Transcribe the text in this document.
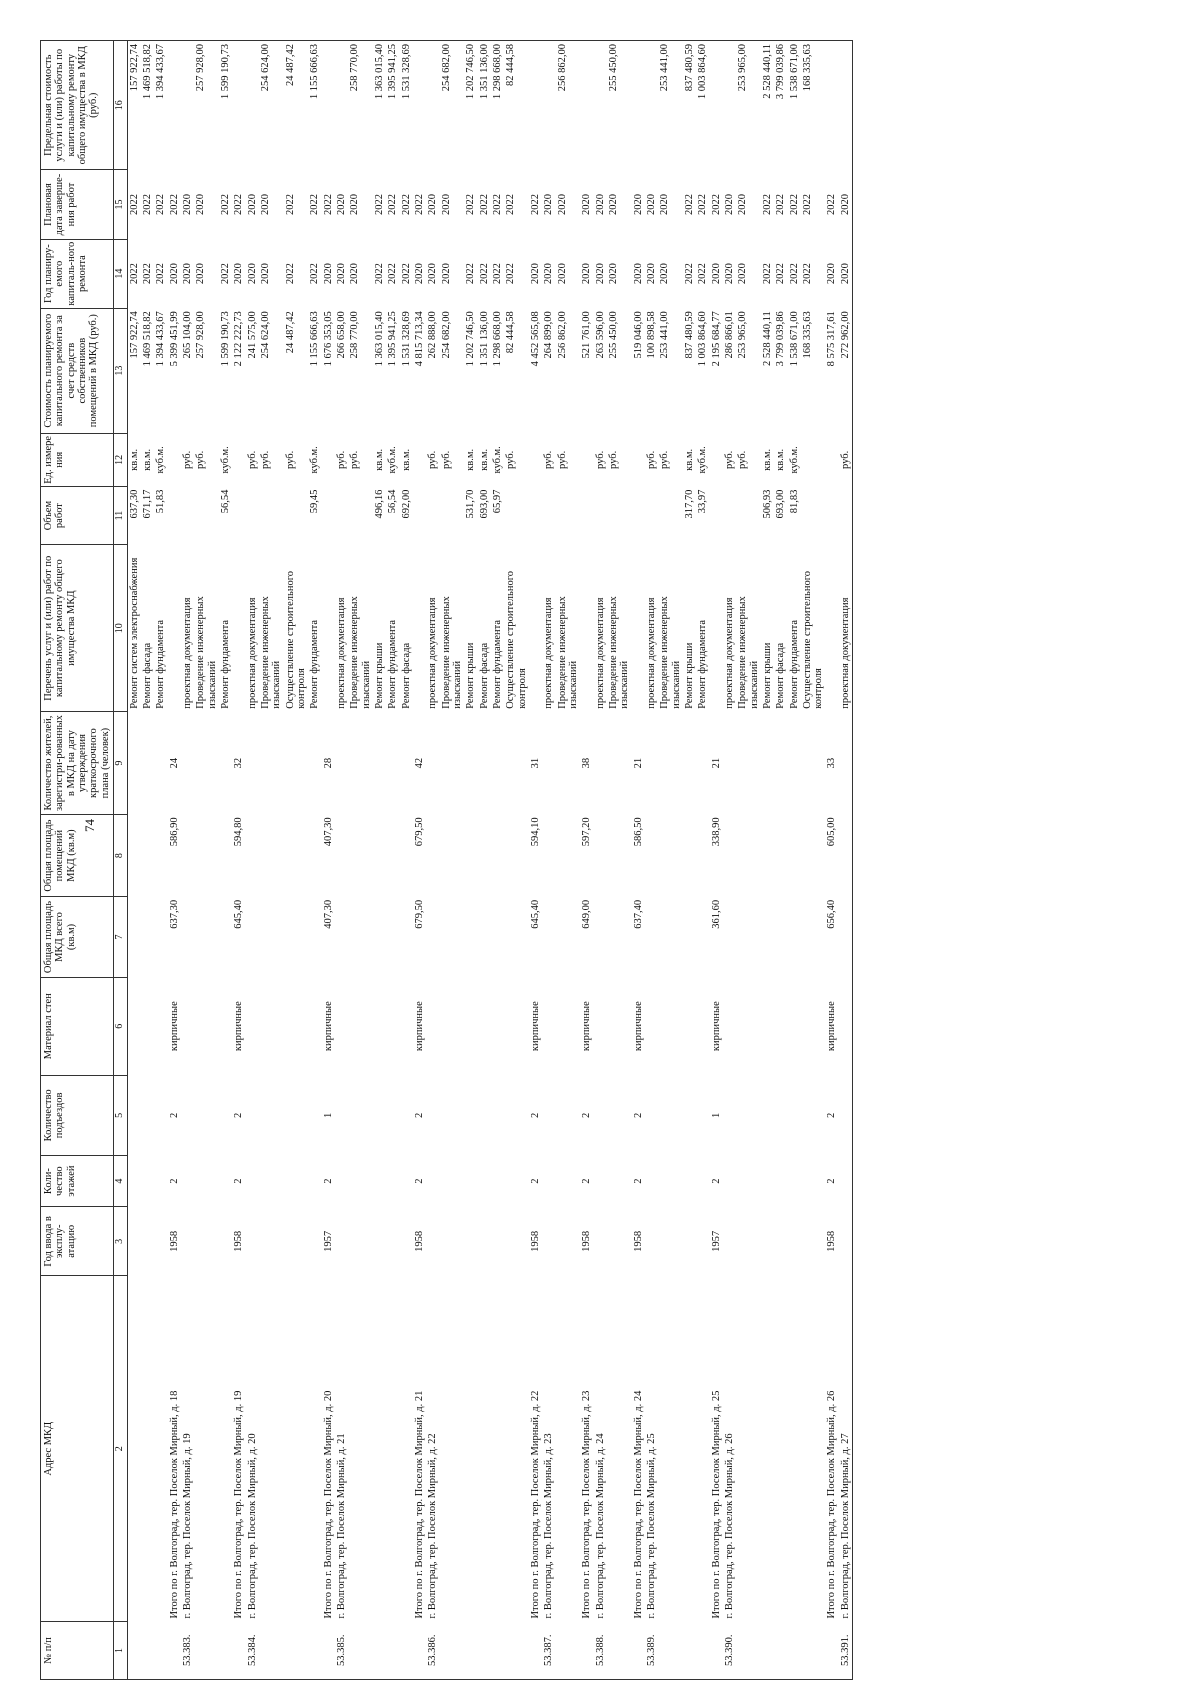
74
№ п/п	Адрес МКД	Год ввода в эксплу-атацию	Коли-чество этажей	Количество подъездов	Материал стен	Общая площадь МКД всего (кв.м)	Общая площадь помещений МКД (кв.м)	Количество жителей, зарегистри-рованных в МКД на дату утверждения краткосрочного плана (человек)	Перечень услуг и (или) работ по капитальному ремонту общего имущества МКД	Объем работ	Ед. измере ния	Стоимость планируемого капитального ремонта за счет средств собственников помещений в МКД (руб.)	Год планиру-емого капиталь-ного ремонта	Плановая дата заверше-ния работ	Предельная стоимость услуги и (или) работы по капитальному ремонту общего имущества в МКД (руб.)
1	2	3	4	5	6	7	8	9	10	11	12	13	14	15	16
									Ремонт систем электроснабжения	637,30	кв.м.	157 922,74	2022	2022	157 922,74
									Ремонт фасада	671,17	кв.м.	1 469 518,82	2022	2022	1 469 518,82
									Ремонт фундамента	51,83	куб.м.	1 394 433,67	2022	2022	1 394 433,67
	Итого по г. Волгоград, тер. Поселок Мирный, д. 18	1958	2	2	кирпичные	637,30	586,90	24				5 399 451,99	2020	2022	
53.383.	г. Волгоград, тер. Поселок Мирный, д. 19								проектная документация		руб.	265 104,00	2020	2020	
									Проведение инженерных изысканий		руб.	257 928,00	2020	2020	257 928,00
									Ремонт фундамента	56,54	куб.м.	1 599 190,73	2022	2022	1 599 190,73
	Итого по г. Волгоград, тер. Поселок Мирный, д. 19	1958	2	2	кирпичные	645,40	594,80	32				2 122 222,73	2020	2022	
53.384.	г. Волгоград, тер. Поселок Мирный, д. 20								проектная документация		руб.	241 575,00	2020	2020	
									Проведение инженерных изысканий		руб.	254 624,00	2020	2020	254 624,00
									Осуществление строительного контроля		руб.	24 487,42	2022	2022	24 487,42
									Ремонт фундамента	59,45	куб.м.	1 155 666,63	2022	2022	1 155 666,63
	Итого по г. Волгоград, тер. Поселок Мирный, д. 20	1957	2	1	кирпичные	407,30	407,30	28				1 676 353,05	2020	2022	
53.385.	г. Волгоград, тер. Поселок Мирный, д. 21								проектная документация		руб.	266 658,00	2020	2020	
									Проведение инженерных изысканий		руб.	258 770,00	2020	2020	258 770,00
									Ремонт крыши	496,16	кв.м.	1 363 015,40	2022	2022	1 363 015,40
									Ремонт фундамента	56,54	куб.м.	1 395 941,25	2022	2022	1 395 941,25
									Ремонт фасада	692,00	кв.м.	1 531 328,69	2022	2022	1 531 328,69
	Итого по г. Волгоград, тер. Поселок Мирный, д. 21	1958	2	2	кирпичные	679,50	679,50	42				4 815 713,34	2020	2022	
53.386.	г. Волгоград, тер. Поселок Мирный, д. 22								проектная документация		руб.	262 888,00	2020	2020	
									Проведение инженерных изысканий		руб.	254 682,00	2020	2020	254 682,00
									Ремонт крыши	531,70	кв.м.	1 202 746,50	2022	2022	1 202 746,50
									Ремонт фасада	693,00	кв.м.	1 351 136,00	2022	2022	1 351 136,00
									Ремонт фундамента	65,97	куб.м.	1 298 668,00	2022	2022	1 298 668,00
									Осуществление строительного контроля		руб.	82 444,58	2022	2022	82 444,58
	Итого по г. Волгоград, тер. Поселок Мирный, д. 22	1958	2	2	кирпичные	645,40	594,10	31				4 452 565,08	2020	2022	
53.387.	г. Волгоград, тер. Поселок Мирный, д. 23								проектная документация		руб.	264 899,00	2020	2020	
									Проведение инженерных изысканий		руб.	256 862,00	2020	2020	256 862,00
	Итого по г. Волгоград, тер. Поселок Мирный, д. 23	1958	2	2	кирпичные	649,00	597,20	38				521 761,00	2020	2020	
53.388.	г. Волгоград, тер. Поселок Мирный, д. 24								проектная документация		руб.	263 596,00	2020	2020	
									Проведение инженерных изысканий		руб.	255 450,00	2020	2020	255 450,00
	Итого по г. Волгоград, тер. Поселок Мирный, д. 24	1958	2	2	кирпичные	637,40	586,50	21				519 046,00	2020	2020	
53.389.	г. Волгоград, тер. Поселок Мирный, д. 25								проектная документация		руб.	100 898,58	2020	2020	
									Проведение инженерных изысканий		руб.	253 441,00	2020	2020	253 441,00
									Ремонт крыши	317,70	кв.м.	837 480,59	2022	2022	837 480,59
									Ремонт фундамента	33,97	куб.м.	1 003 864,60	2022	2022	1 003 864,60
	Итого по г. Волгоград, тер. Поселок Мирный, д. 25	1957	2	1	кирпичные	361,60	338,90	21				2 195 684,77	2020	2022	
53.390.	г. Волгоград, тер. Поселок Мирный, д. 26								проектная документация		руб.	286 866,01	2020	2020	
									Проведение инженерных изысканий		руб.	253 965,00	2020	2020	253 965,00
									Ремонт крыши	506,93	кв.м.	2 528 440,11	2022	2022	2 528 440,11
									Ремонт фасада	693,00	кв.м.	3 799 039,86	2022	2022	3 799 039,86
									Ремонт фундамента	81,83	куб.м.	1 538 671,00	2022	2022	1 538 671,00
									Осуществление строительного контроля			168 335,63	2022	2022	168 335,63
	Итого по г. Волгоград, тер. Поселок Мирный, д. 26	1958	2	2	кирпичные	656,40	605,00	33				8 575 317,61	2020	2022	
53.391.	г. Волгоград, тер. Поселок Мирный, д. 27								проектная документация		руб.	272 962,00	2020	2020	
